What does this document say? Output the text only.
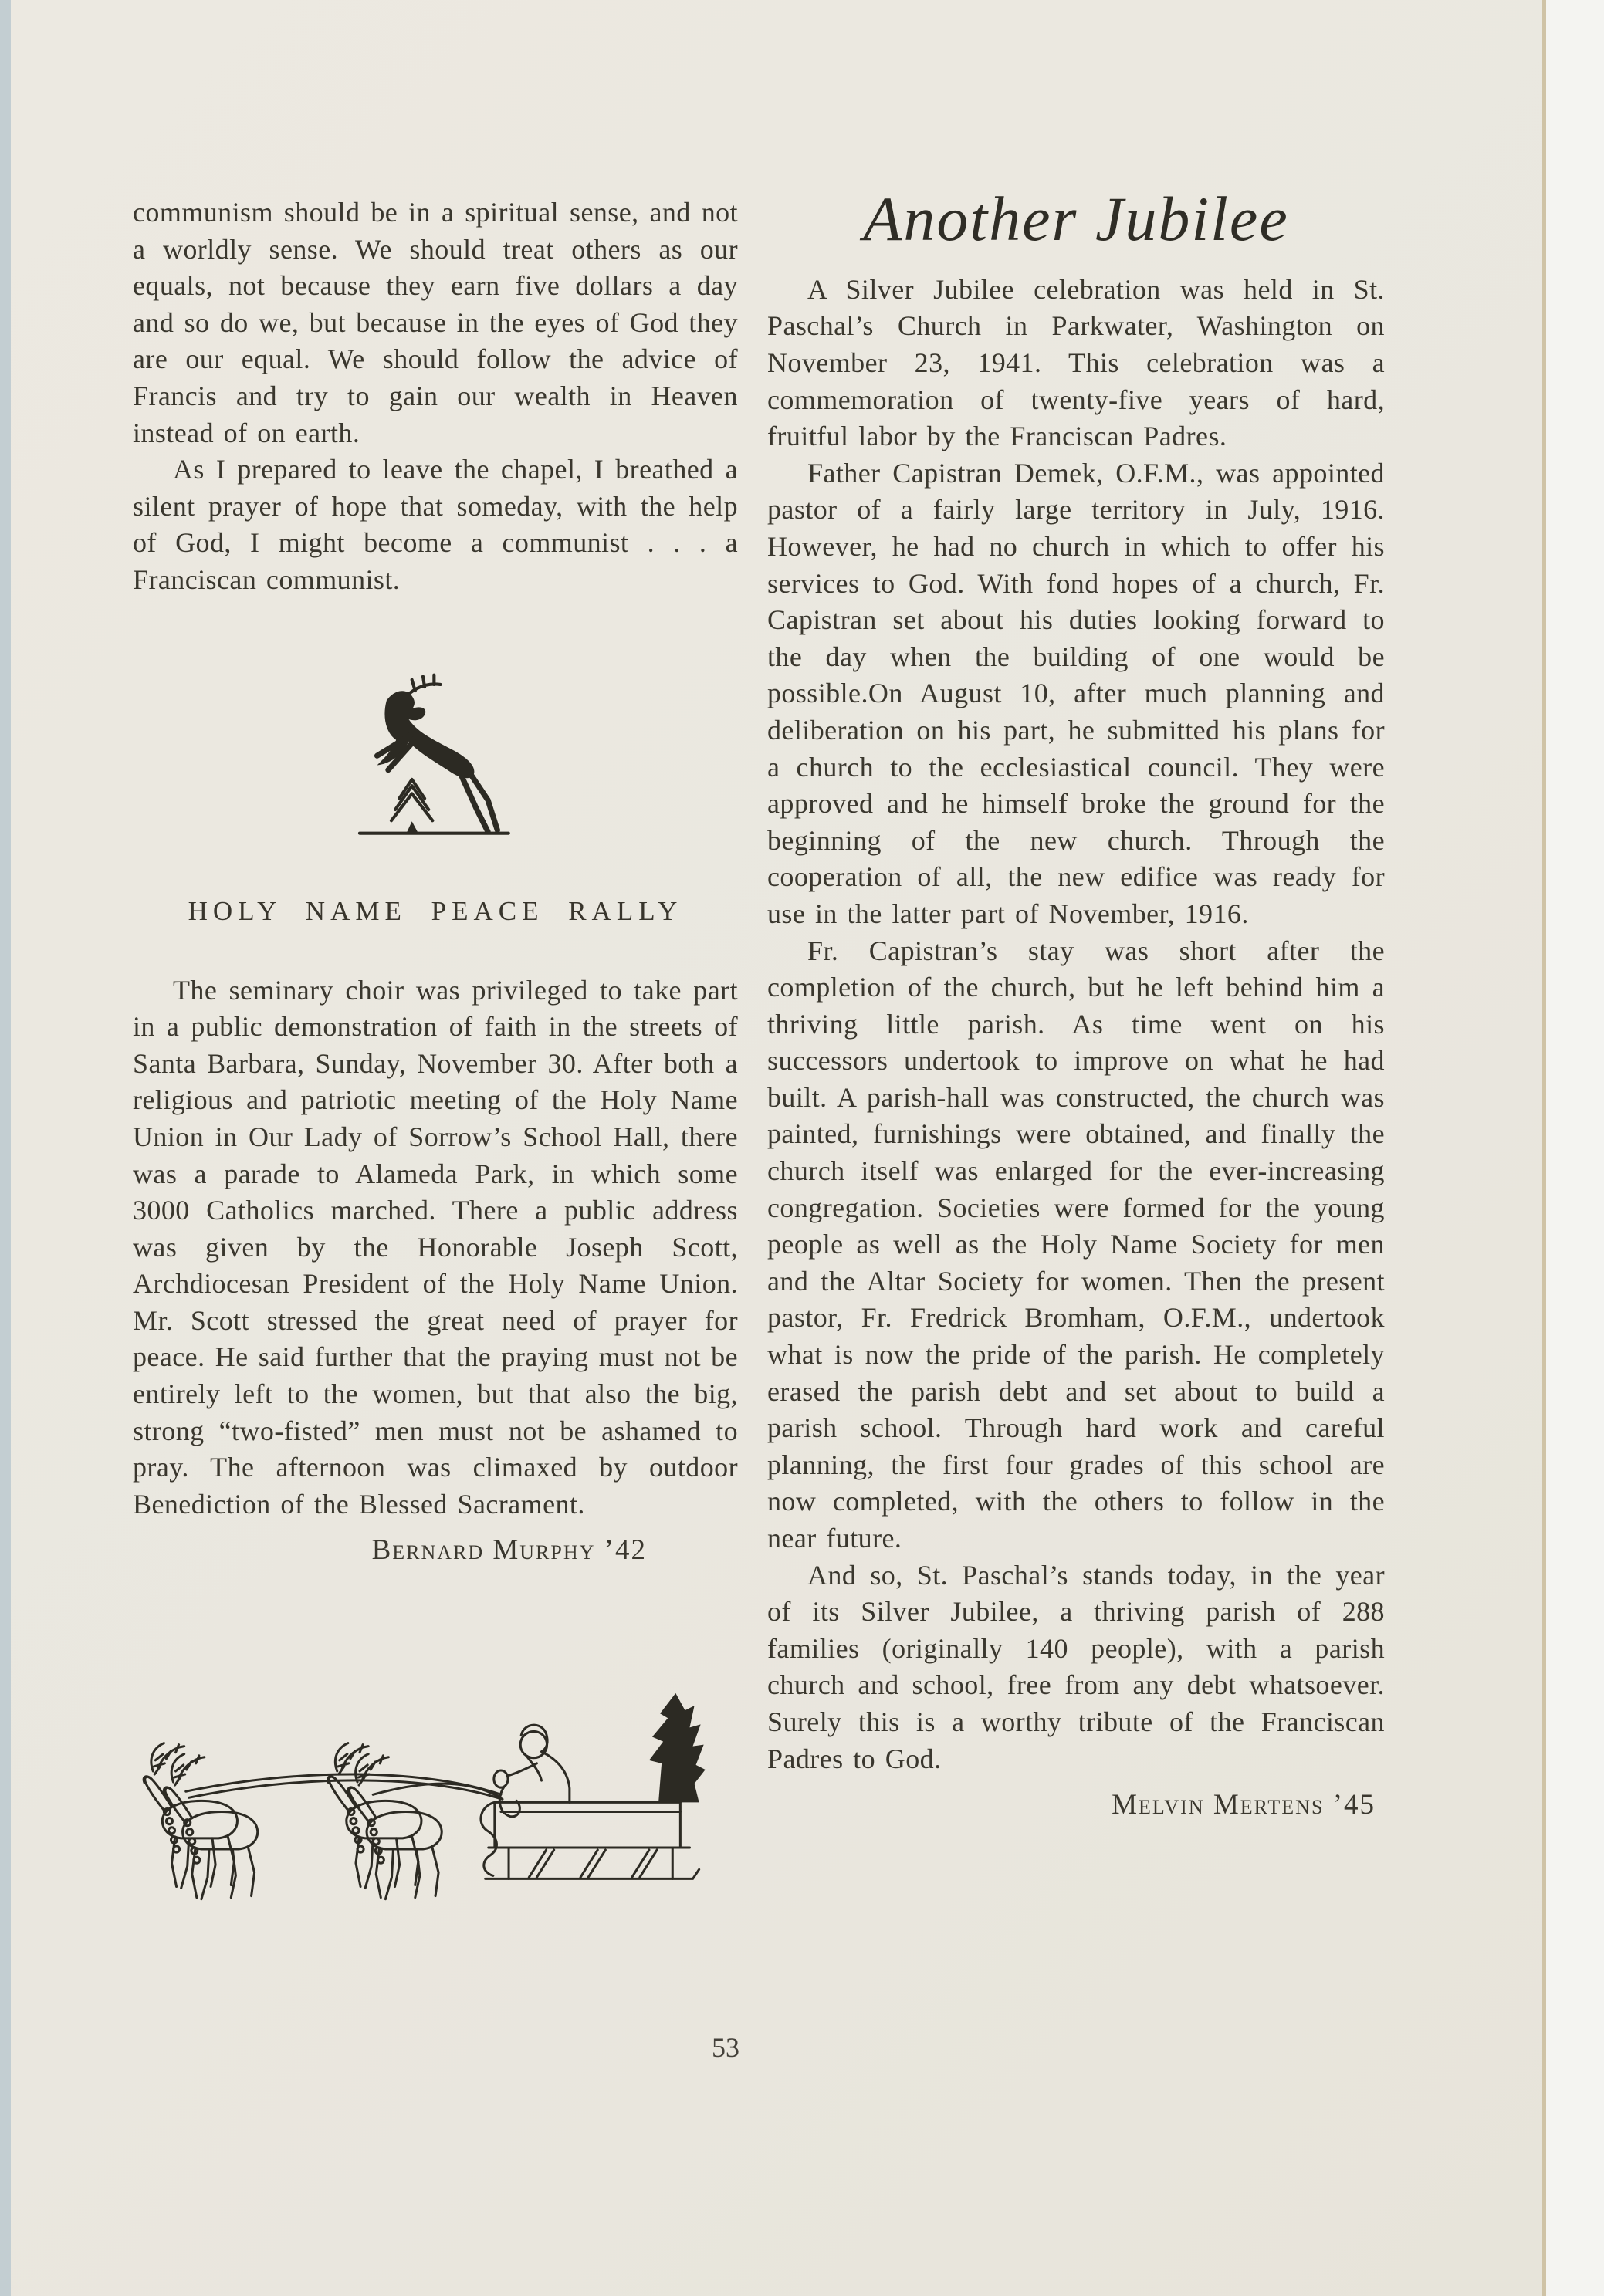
communism should be in a spiritual sense, and not a worldly sense. We should treat others as our equals, not because they earn five dollars a day and so do we, but because in the eyes of God they are our equal. We should follow the advice of Francis and try to gain our wealth in Heaven instead of on earth.

As I prepared to leave the chapel, I breathed a silent prayer of hope that someday, with the help of God, I might become a communist . . . a Franciscan communist.

HOLY NAME PEACE RALLY

The seminary choir was privileged to take part in a public demonstration of faith in the streets of Santa Barbara, Sunday, November 30. After both a religious and patriotic meeting of the Holy Name Union in Our Lady of Sorrow’s School Hall, there was a parade to Alameda Park, in which some 3000 Catholics marched. There a public address was given by the Honorable Joseph Scott, Archdiocesan President of the Holy Name Union. Mr. Scott stressed the great need of prayer for peace. He said further that the praying must not be entirely left to the women, but that also the big, strong “two-fisted” men must not be ashamed to pray. The afternoon was climaxed by outdoor Benediction of the Blessed Sacrament.

Bernard Murphy ’42
Another Jubilee

A Silver Jubilee celebration was held in St. Paschal’s Church in Parkwater, Washington on November 23, 1941. This celebration was a commemoration of twenty-five years of hard, fruitful labor by the Franciscan Padres.

Father Capistran Demek, O.F.M., was appointed pastor of a fairly large territory in July, 1916. However, he had no church in which to offer his services to God. With fond hopes of a church, Fr. Capistran set about his duties looking forward to the day when the building of one would be possible.On August 10, after much planning and deliberation on his part, he submitted his plans for a church to the ecclesiastical council. They were approved and he himself broke the ground for the beginning of the new church. Through the cooperation of all, the new edifice was ready for use in the latter part of November, 1916.

Fr. Capistran’s stay was short after the completion of the church, but he left behind him a thriving little parish. As time went on his successors undertook to improve on what he had built. A parish-hall was constructed, the church was painted, furnishings were obtained, and finally the church itself was enlarged for the ever-increasing congregation. Societies were formed for the young people as well as the Holy Name Society for men and the Altar Society for women. Then the present pastor, Fr. Fredrick Bromham, O.F.M., undertook what is now the pride of the parish. He completely erased the parish debt and set about to build a parish school. Through hard work and careful planning, the first four grades of this school are now completed, with the others to follow in the near future.

And so, St. Paschal’s stands today, in the year of its Silver Jubilee, a thriving parish of 288 families (originally 140 people), with a parish church and school, free from any debt whatsoever. Surely this is a worthy tribute of the Franciscan Padres to God.

Melvin Mertens ’45
53
